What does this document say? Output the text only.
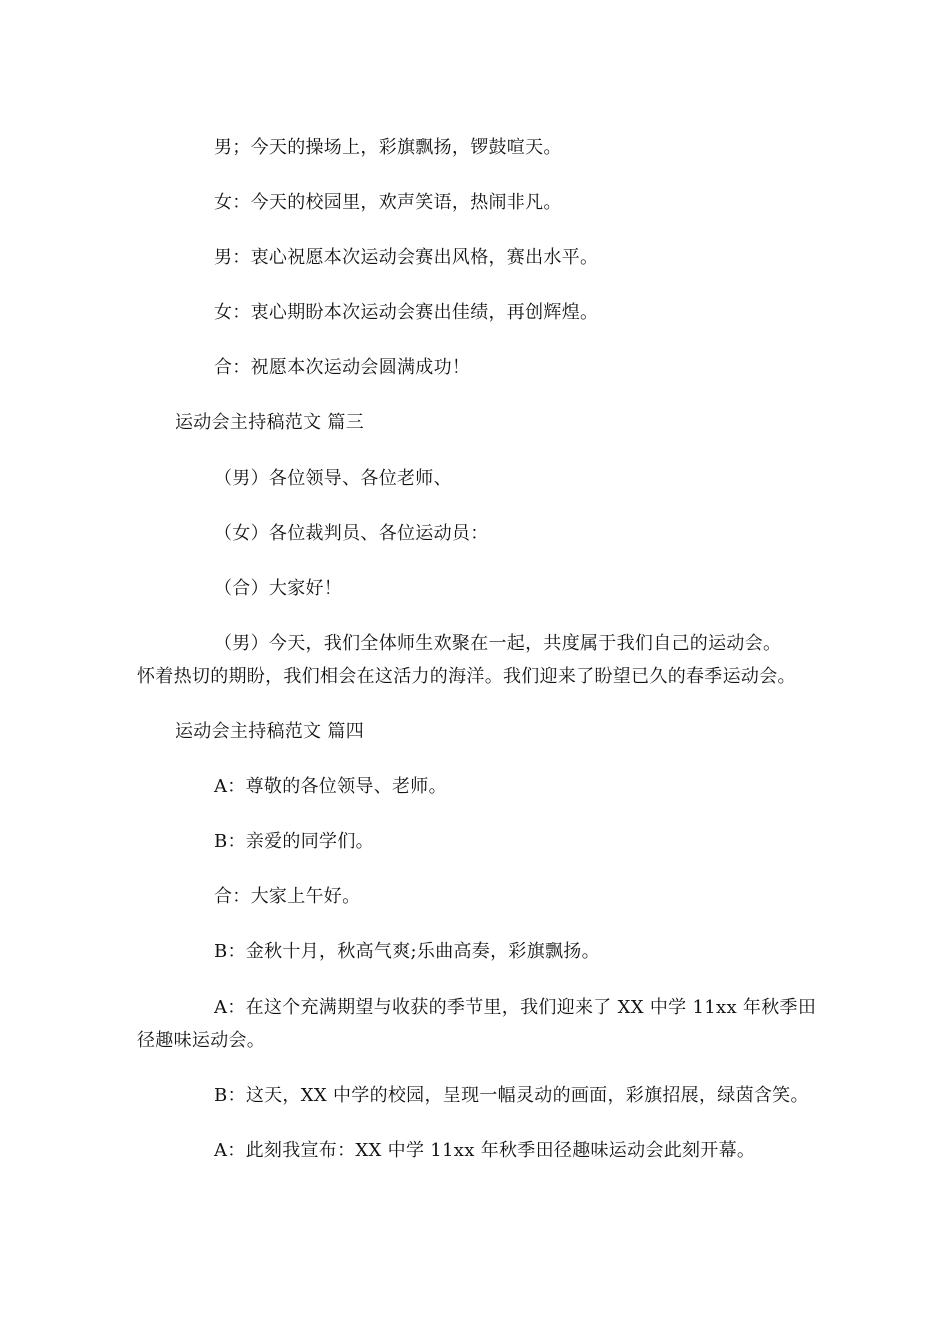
男；今天的操场上，彩旗飘扬，锣鼓喧天。
女：今天的校园里，欢声笑语，热闹非凡。
男：衷心祝愿本次运动会赛出风格，赛出水平。
女：衷心期盼本次运动会赛出佳绩，再创辉煌。
合：祝愿本次运动会圆满成功！
运动会主持稿范文 篇三
（男）各位领导、各位老师、
（女）各位裁判员、各位运动员：
（合）大家好！
（男）今天，我们全体师生欢聚在一起，共度属于我们自己的运动会。
怀着热切的期盼，我们相会在这活力的海洋。我们迎来了盼望已久的春季运动会。
运动会主持稿范文 篇四
A：尊敬的各位领导、老师。
B：亲爱的同学们。
合：大家上午好。
B：金秋十月，秋高气爽;乐曲高奏，彩旗飘扬。
A：在这个充满期望与收获的季节里，我们迎来了 XX 中学 11xx 年秋季田
径趣味运动会。
B：这天，XX 中学的校园，呈现一幅灵动的画面，彩旗招展，绿茵含笑。
A：此刻我宣布：XX 中学 11xx 年秋季田径趣味运动会此刻开幕。
